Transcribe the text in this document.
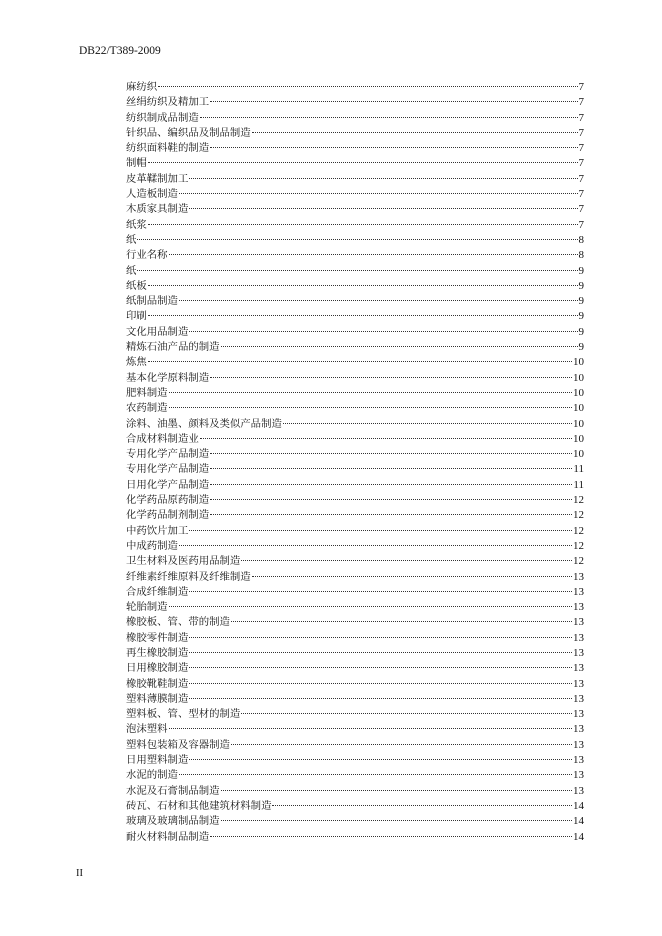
DB22/T389-2009
麻纺织	7
丝绢纺织及精加工	7
纺织制成品制造	7
针织品、编织品及制品制造	7
纺织面料鞋的制造	7
制帽	7
皮革鞣制加工	7
人造板制造	7
木质家具制造	7
纸浆	7
纸	8
行业名称	8
纸	9
纸板	9
纸制品制造	9
印刷	9
文化用品制造	9
精炼石油产品的制造	9
炼焦	10
基本化学原料制造	10
肥料制造	10
农药制造	10
涂料、油墨、颜料及类似产品制造	10
合成材料制造业	10
专用化学产品制造	10
专用化学产品制造	11
日用化学产品制造	11
化学药品原药制造	12
化学药品制剂制造	12
中药饮片加工	12
中成药制造	12
卫生材料及医药用品制造	12
纤维素纤维原料及纤维制造	13
合成纤维制造	13
轮胎制造	13
橡胶板、管、带的制造	13
橡胶零件制造	13
再生橡胶制造	13
日用橡胶制造	13
橡胶靴鞋制造	13
塑料薄膜制造	13
塑料板、管、型材的制造	13
泡沫塑料	13
塑料包装箱及容器制造	13
日用塑料制造	13
水泥的制造	13
水泥及石膏制品制造	13
砖瓦、石材和其他建筑材料制造	14
玻璃及玻璃制品制造	14
耐火材料制品制造	14
II
